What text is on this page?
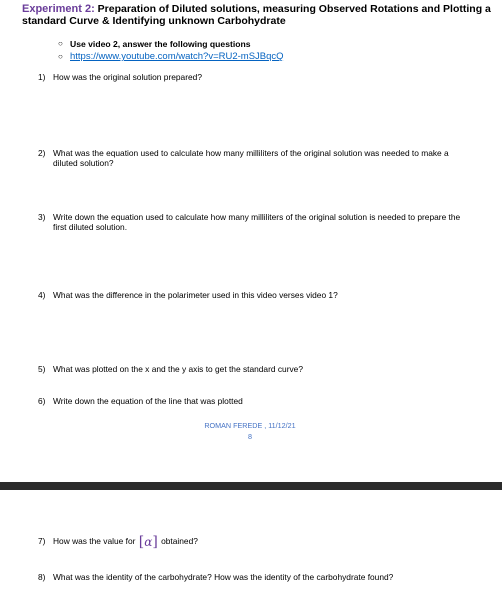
Experiment 2: Preparation of Diluted solutions, measuring Observed Rotations and Plotting a standard Curve & Identifying unknown Carbohydrate
○ Use video 2, answer the following questions
○ https://www.youtube.com/watch?v=RU2-mSJBqcQ
1) How was the original solution prepared?
2) What was the equation used to calculate how many milliliters of the original solution was needed to make a diluted solution?
3) Write down the equation used to calculate how many milliliters of the original solution is needed to prepare the first diluted solution.
4) What was the difference in the polarimeter used in this video verses video 1?
5) What was plotted on the x and the y axis to get the standard curve?
6) Write down the equation of the line that was plotted
ROMAN FEREDE , 11/12/21
8
7) How was the value for [α] obtained?
8) What was the identity of the carbohydrate? How was the identity of the carbohydrate found?
